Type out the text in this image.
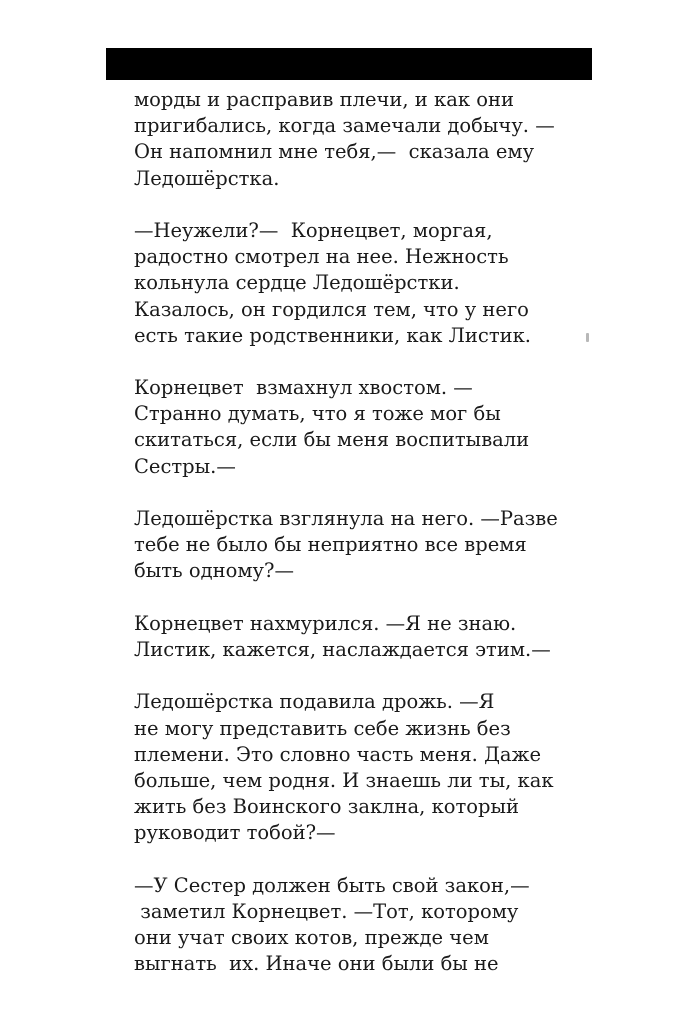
морды и расправив плечи, и как они
пригибались, когда замечали добычу. —
Он напомнил мне тебя,—  сказала ему
Ледошёрстка.
—Неужели?—  Корнецвет, моргая,
радостно смотрел на нее. Нежность
кольнула сердце Ледошёрстки.
Казалось, он гордился тем, что у него
есть такие родственники, как Листик.
Корнецвет  взмахнул хвостом. —
Странно думать, что я тоже мог бы
скитаться, если бы меня воспитывали
Сестры.—
Ледошёрстка взглянула на него. —Разве
тебе не было бы неприятно все время
быть одному?—
Корнецвет нахмурился. —Я не знаю.
Листик, кажется, наслаждается этим.—
Ледошёрстка подавила дрожь. —Я
не могу представить себе жизнь без
племени. Это словно часть меня. Даже
больше, чем родня. И знаешь ли ты, как
жить без Воинского заклна, который
руководит тобой?—
—У Сестер должен быть свой закон,—
заметил Корнецвет. —Тот, которому
они учат своих котов, прежде чем
выгнать  их. Иначе они были бы не
